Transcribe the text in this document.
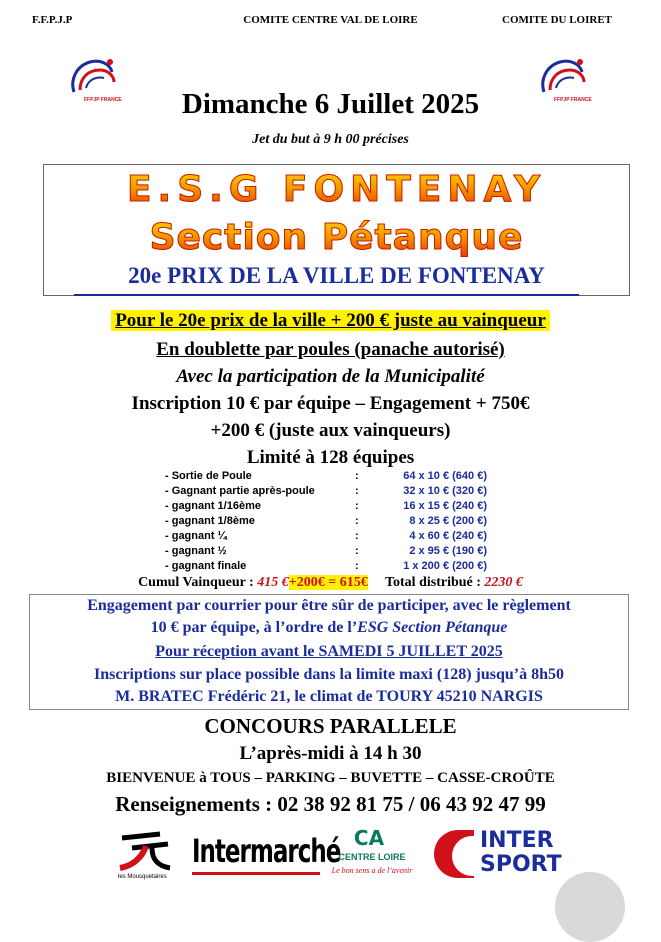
F.F.P.J.P	COMITE CENTRE VAL DE LOIRE	COMITE DU LOIRET
FFPJP FRANCE	FFPJP FRANCE
Dimanche 6 Juillet 2025
Jet du but à 9 h 00 précises
E.S.G FONTENAY
Section Pétanque
20e PRIX DE LA VILLE DE FONTENAY
Pour le 20e prix de la ville + 200 € juste au vainqueur
En doublette par poules (panache autorisé)
Avec la participation de la Municipalité
Inscription 10 € par équipe – Engagement + 750€
+200 € (juste aux vainqueurs)
Limité à 128 équipes
- Sortie de Poule	:	64 x 10 € (640 €)
- Gagnant partie après-poule	:	32 x 10 € (320 €)
- gagnant 1/16ème	:	16 x 15 € (240 €)
- gagnant 1/8ème	:	8 x 25 € (200 €)
- gagnant ¼	:	4 x 60 € (240 €)
- gagnant ½	:	2 x 95 € (190 €)
- gagnant finale	:	1 x 200 € (200 €)
Cumul Vainqueur : 415 €+200€ = 615€ Total distribué : 2230 €
Engagement par courrier pour être sûr de participer, avec le règlement
10 € par équipe, à l’ordre de l’ESG Section Pétanque
Pour réception avant le SAMEDI 5 JUILLET 2025
Inscriptions sur place possible dans la limite maxi (128) jusqu’à 8h50
M. BRATEC Frédéric 21, le climat de TOURY 45210 NARGIS
CONCOURS PARALLELE
L’après-midi à 14 h 30
BIENVENUE à TOUS – PARKING – BUVETTE – CASSE-CROÛTE
Renseignements : 02 38 92 81 75 / 06 43 92 47 99
les Mousquetaires
Intermarché CA
CENTRE LOIRE
Le bon sens a de l’avenir
INTER
SPORT
